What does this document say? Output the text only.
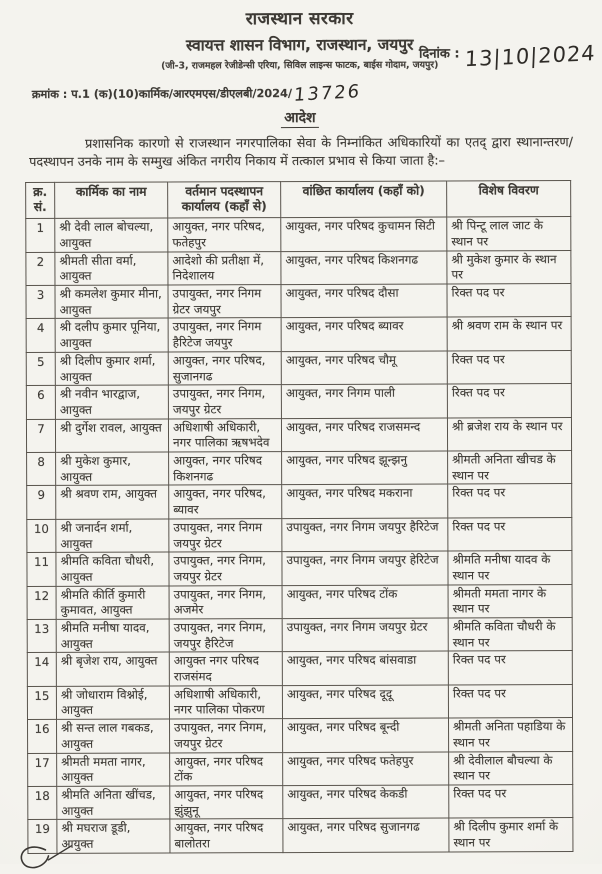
राजस्थान सरकार
स्वायत्त शासन विभाग, राजस्थान, जयपुर
(जी-3, राजमहल रेजीडेन्सी एरिया, सिविल लाइन्स फाटक, बाईस गोदाम, जयपुर)
दिनांक : 13|10|2024
क्रमांक : प.1 (क)(10)कार्मिक/आरएमएस/डीएलबी/2024/13726
आदेश

प्रशासनिक कारणो से राजस्थान नगरपालिका सेवा के निम्नांकित अधिकारियों का एतद् द्वारा स्थानान्तरण/पदस्थापन उनके नाम के सम्मुख अंकित नगरीय निकाय में तत्काल प्रभाव से किया जाता है:–

क्र. सं.	कार्मिक का नाम	वर्तमान पदस्थापन कार्यालय (कहाँ से)	वांछित कार्यालय (कहाँ को)	विशेष विवरण
1	श्री देवी लाल बोचल्या, आयुक्त	आयुक्त, नगर परिषद, फतेहपुर	आयुक्त, नगर परिषद कुचामन सिटी	श्री पिन्टू लाल जाट के स्थान पर
2	श्रीमती सीता वर्मा, आयुक्त	आदेशो की प्रतीक्षा में, निदेशालय	आयुक्त, नगर परिषद किशनगढ	श्री मुकेश कुमार के स्थान पर
3	श्री कमलेश कुमार मीना, आयुक्त	उपायुक्त, नगर निगम ग्रेटर जयपुर	आयुक्त, नगर परिषद दौसा	रिक्त पद पर
4	श्री दलीप कुमार पूनिया, आयुक्त	उपायुक्त, नगर निगम हैरिटेज जयपुर	आयुक्त, नगर परिषद ब्यावर	श्री श्रवण राम के स्थान पर
5	श्री दिलीप कुमार शर्मा, आयुक्त	आयुक्त, नगर परिषद, सुजानगढ	आयुक्त, नगर परिषद चौमू	रिक्त पद पर
6	श्री नवीन भारद्वाज, आयुक्त	उपायुक्त, नगर निगम, जयपुर ग्रेटर	आयुक्त, नगर निगम पाली	रिक्त पद पर
7	श्री दुर्गेश रावल, आयुक्त	अधिशाषी अधिकारी, नगर पालिका ऋषभदेव	आयुक्त, नगर परिषद राजसमन्द	श्री ब्रजेश राय के स्थान पर
8	श्री मुकेश कुमार, आयुक्त	आयुक्त, नगर परिषद किशनगढ	आयुक्त, नगर परिषद झून्झनु	श्रीमती अनिता खीचड के स्थान पर
9	श्री श्रवण राम, आयुक्त	आयुक्त, नगर परिषद, ब्यावर	आयुक्त, नगर परिषद मकराना	रिक्त पद पर
10	श्री जनार्दन शर्मा, आयुक्त	उपायुक्त, नगर निगम जयपुर ग्रेटर	उपायुक्त, नगर निगम जयपुर हैरिटेज	रिक्त पद पर
11	श्रीमति कविता चौधरी, आयुक्त	उपायुक्त, नगर निगम, जयपुर ग्रेटर	उपायुक्त, नगर निगम जयपुर हेरिटेज	श्रीमति मनीषा यादव के स्थान पर
12	श्रीमति कीर्ति कुमारी कुमावत, आयुक्त	उपायुक्त, नगर निगम, अजमेर	आयुक्त, नगर परिषद टोंक	श्रीमती ममता नागर के स्थान पर
13	श्रीमति मनीषा यादव, आयुक्त	उपायुक्त, नगर निगम, जयपुर हैरिटेज	उपायुक्त, नगर निगम जयपुर ग्रेटर	श्रीमति कविता चौधरी के स्थान पर
14	श्री बृजेश राय, आयुक्त	आयुक्त नगर परिषद राजसंमद	आयुक्त, नगर परिषद बांसवाडा	रिक्त पद पर
15	श्री जोधाराम विश्नोई, आयुक्त	अधिशाषी अधिकारी, नगर पालिका पोकरण	आयुक्त, नगर परिषद दूदू	रिक्त पद पर
16	श्री सन्त लाल गबकड, आयुक्त	उपायुक्त, नगर निगम, जयपुर ग्रेटर	आयुक्त, नगर परिषद बून्दी	श्रीमती अनिता पहाडिया के स्थान पर
17	श्रीमती ममता नागर, आयुक्त	आयुक्त, नगर परिषद टोंक	आयुक्त, नगर परिषद फतेहपुर	श्री देवीलाल बौचल्या के स्थान पर
18	श्रीमति अनिता खींचड, आयुक्त	आयुक्त, नगर परिषद झुंझुनू	आयुक्त, नगर परिषद केकडी	रिक्त पद पर
19	श्री मघराज डूडी, आयुक्त	आयुक्त, नगर परिषद बालोतरा	आयुक्त, नगर परिषद सुजानगढ	श्री दिलीप कुमार शर्मा के स्थान पर
